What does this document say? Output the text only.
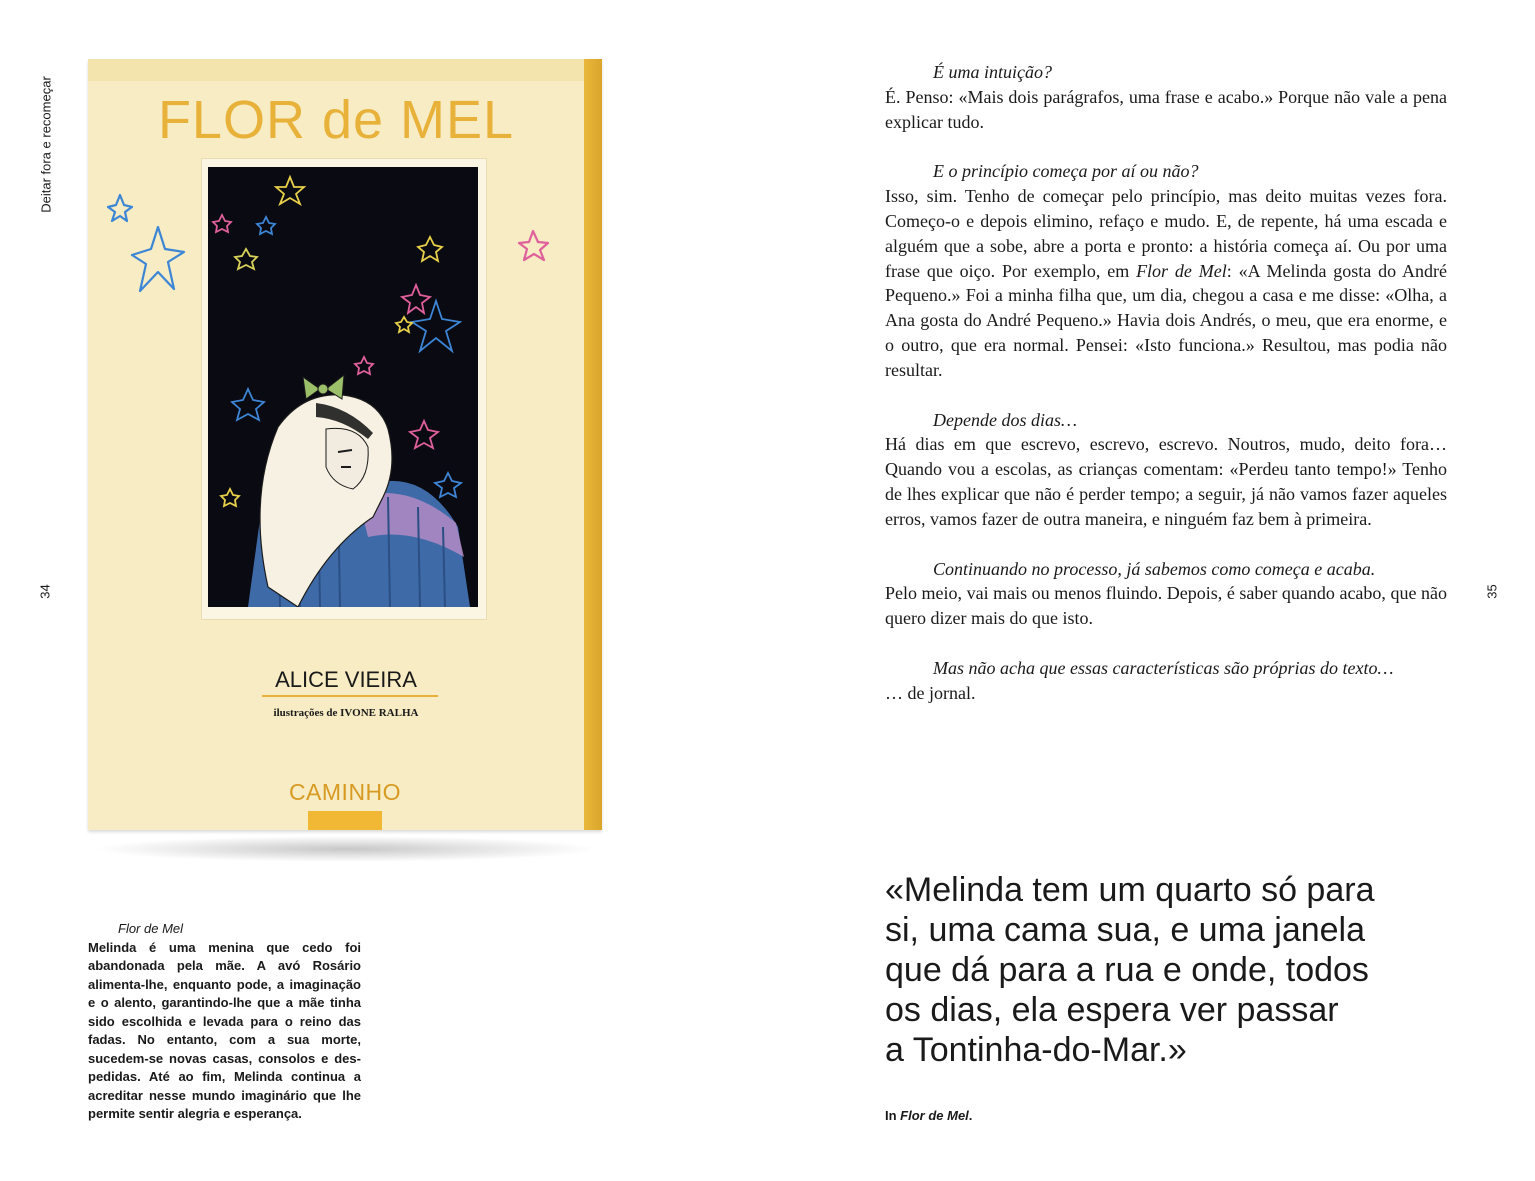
Deitar fora e recomeçar
34
FLOR de MEL
ALICE VIEIRA
ilustrações de IVONE RALHA
CAMINHO

Flor de Mel

Melinda é uma menina que cedo foi abandonada pela mãe. A avó Rosário alimenta-lhe, enquanto pode, a imaginação e o alento, garantindo-lhe que a mãe tinha sido escolhida e levada para o reino das fadas. No entanto, com a sua morte, sucedem-se novas casas, consolos e despedidas. Até ao fim, Melinda continua a acreditar nesse mundo imaginário que lhe permite sentir alegria e esperança.

35

É uma intuição?

É. Penso: «Mais dois parágrafos, uma frase e acabo.» Porque não vale a pena explicar tudo.

E o princípio começa por aí ou não?

Isso, sim. Tenho de começar pelo princípio, mas deito muitas vezes fora. Começo-o e depois elimino, refaço e mudo. E, de repente, há uma escada e alguém que a sobe, abre a porta e pronto: a história começa aí. Ou por uma frase que oiço. Por exemplo, em Flor de Mel: «A Melinda gosta do André Pequeno.» Foi a minha filha que, um dia, chegou a casa e me disse: «Olha, a Ana gosta do André Pequeno.» Havia dois Andrés, o meu, que era enorme, e o outro, que era normal. Pensei: «Isto funciona.» Resultou, mas podia não resultar.

Depende dos dias…

Há dias em que escrevo, escrevo, escrevo. Noutros, mudo, deito fora… Quando vou a escolas, as crianças comentam: «Perdeu tanto tempo!» Tenho de lhes explicar que não é perder tempo; a seguir, já não vamos fazer aqueles erros, vamos fazer de outra maneira, e ninguém faz bem à primeira.

Continuando no processo, já sabemos como começa e acaba.

Pelo meio, vai mais ou menos fluindo. Depois, é saber quando acabo, que não quero dizer mais do que isto.

Mas não acha que essas características são próprias do texto…

… de jornal.

«Melinda tem um quarto só para
si, uma cama sua, e uma janela
que dá para a rua e onde, todos
os dias, ela espera ver passar
a Tontinha-do-Mar.»
In Flor de Mel.
